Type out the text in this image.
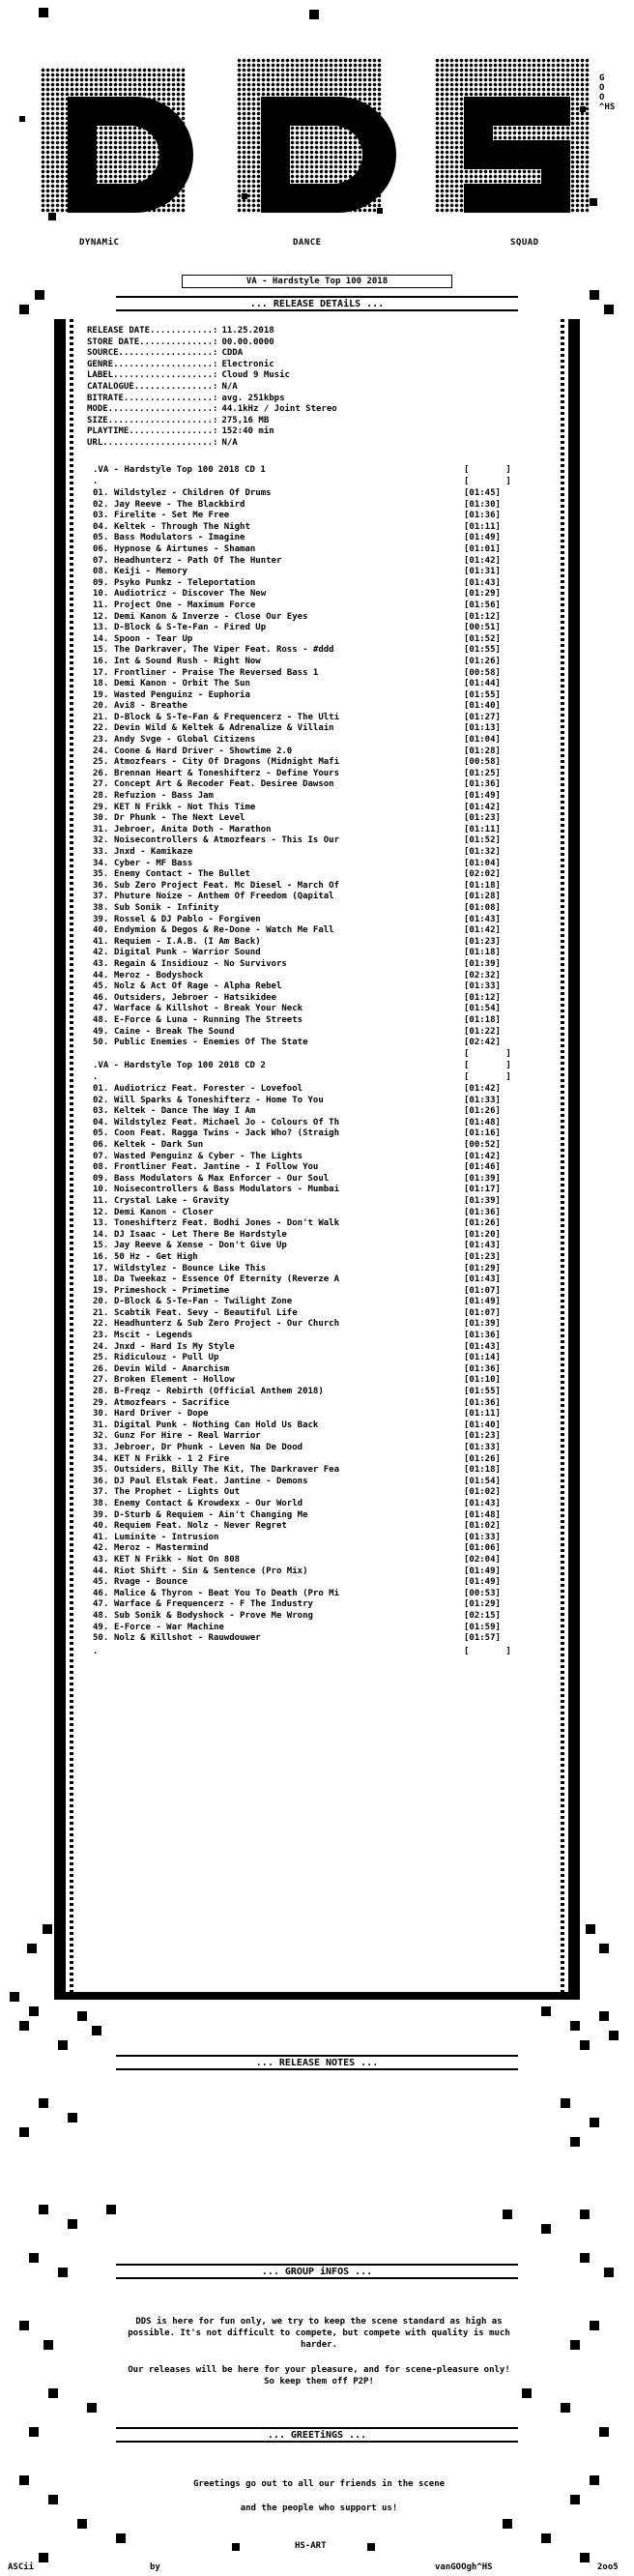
DYNAMiC	DANCE	SQUAD
G
O
O
^HS
VA - Hardstyle Top 100 2018
... RELEASE DETAiLS ...
RELEASE DATE............: 11.25.2018
STORE DATE..............: 00.00.0000
SOURCE..................: CDDA
GENRE...................: Electronic
LABEL...................: Cloud 9 Music
CATALOGUE...............: N/A
BITRATE.................: avg. 251kbps
MODE....................: 44.1kHz / Joint Stereo
SIZE....................: 275,16 MB
PLAYTIME................: 152:40 min
URL.....................: N/A
.VA - Hardstyle Top 100 2018 CD 1	[       ]
.	[       ]
01. Wildstylez - Children Of Drums	[01:45]
02. Jay Reeve - The Blackbird	[01:30]
03. Firelite - Set Me Free	[01:36]
04. Keltek - Through The Night	[01:11]
05. Bass Modulators - Imagine	[01:49]
06. Hypnose & Airtunes - Shaman	[01:01]
07. Headhunterz - Path Of The Hunter	[01:42]
08. Keiji - Memory	[01:31]
09. Psyko Punkz - Teleportation	[01:43]
10. Audiotricz - Discover The New	[01:29]
11. Project One - Maximum Force	[01:56]
12. Demi Kanon & Inverze - Close Our Eyes	[01:12]
13. D-Block & S-Te-Fan - Fired Up	[00:51]
14. Spoon - Tear Up	[01:52]
15. The Darkraver, The Viper Feat. Ross - #ddd	[01:55]
16. Int & Sound Rush - Right Now	[01:26]
17. Frontliner - Praise The Reversed Bass 1	[00:58]
18. Demi Kanon - Orbit The Sun	[01:44]
19. Wasted Penguinz - Euphoria	[01:55]
20. Avi8 - Breathe	[01:40]
21. D-Block & S-Te-Fan & Frequencerz - The Ulti	[01:27]
22. Devin Wild & Keltek & Adrenalize & Villain	[01:13]
23. Andy Svge - Global Citizens	[01:04]
24. Coone & Hard Driver - Showtime 2.0	[01:28]
25. Atmozfears - City Of Dragons (Midnight Mafi	[00:58]
26. Brennan Heart & Toneshifterz - Define Yours	[01:25]
27. Concept Art & Recoder Feat. Desiree Dawson	[01:36]
28. Refuzion - Bass Jam	[01:49]
29. KET N Frikk - Not This Time	[01:42]
30. Dr Phunk - The Next Level	[01:23]
31. Jebroer, Anita Doth - Marathon	[01:11]
32. Noisecontrollers & Atmozfears - This Is Our	[01:52]
33. Jnxd - Kamikaze	[01:32]
34. Cyber - MF Bass	[01:04]
35. Enemy Contact - The Bullet	[02:02]
36. Sub Zero Project Feat. Mc Diesel - March Of	[01:18]
37. Phuture Noize - Anthem Of Freedom (Qapital	[01:28]
38. Sub Sonik - Infinity	[01:08]
39. Rossel & DJ Pablo - Forgiven	[01:43]
40. Endymion & Degos & Re-Done - Watch Me Fall	[01:42]
41. Requiem - I.A.B. (I Am Back)	[01:23]
42. Digital Punk - Warrior Sound	[01:18]
43. Regain & Insidiouz - No Survivors	[01:39]
44. Meroz - Bodyshock	[02:32]
45. Nolz & Act Of Rage - Alpha Rebel	[01:33]
46. Outsiders, Jebroer - Hatsikidee	[01:12]
47. Warface & Killshot - Break Your Neck	[01:54]
48. E-Force & Luna - Running The Streets	[01:18]
49. Caine - Break The Sound	[01:22]
50. Public Enemies - Enemies Of The State	[02:42]
[       ]
.VA - Hardstyle Top 100 2018 CD 2	[       ]
.	[       ]
01. Audiotricz Feat. Forester - Lovefool	[01:42]
02. Will Sparks & Toneshifterz - Home To You	[01:33]
03. Keltek - Dance The Way I Am	[01:26]
04. Wildstylez Feat. Michael Jo - Colours Of Th	[01:48]
05. Coon Feat. Ragga Twins - Jack Who? (Straigh	[01:16]
06. Keltek - Dark Sun	[00:52]
07. Wasted Penguinz & Cyber - The Lights	[01:42]
08. Frontliner Feat. Jantine - I Follow You	[01:46]
09. Bass Modulators & Max Enforcer - Our Soul	[01:39]
10. Noisecontrollers & Bass Modulators - Mumbai	[01:17]
11. Crystal Lake - Gravity	[01:39]
12. Demi Kanon - Closer	[01:36]
13. Toneshifterz Feat. Bodhi Jones - Don't Walk	[01:26]
14. DJ Isaac - Let There Be Hardstyle	[01:20]
15. Jay Reeve & Xense - Don't Give Up	[01:43]
16. 50 Hz - Get High	[01:23]
17. Wildstylez - Bounce Like This	[01:29]
18. Da Tweekaz - Essence Of Eternity (Reverze A	[01:43]
19. Primeshock - Primetime	[01:07]
20. D-Block & S-Te-Fan - Twilight Zone	[01:49]
21. Scabtik Feat. Sevy - Beautiful Life	[01:07]
22. Headhunterz & Sub Zero Project - Our Church	[01:39]
23. Mscit - Legends	[01:36]
24. Jnxd - Hard Is My Style	[01:43]
25. Ridiculouz - Pull Up	[01:14]
26. Devin Wild - Anarchism	[01:36]
27. Broken Element - Hollow	[01:10]
28. B-Freqz - Rebirth (Official Anthem 2018)	[01:55]
29. Atmozfears - Sacrifice	[01:36]
30. Hard Driver - Dope	[01:11]
31. Digital Punk - Nothing Can Hold Us Back	[01:40]
32. Gunz For Hire - Real Warrior	[01:23]
33. Jebroer, Dr Phunk - Leven Na De Dood	[01:33]
34. KET N Frikk - 1 2 Fire	[01:26]
35. Outsiders, Billy The Kit, The Darkraver Fea	[01:18]
36. DJ Paul Elstak Feat. Jantine - Demons	[01:54]
37. The Prophet - Lights Out	[01:02]
38. Enemy Contact & Krowdexx - Our World	[01:43]
39. D-Sturb & Requiem - Ain't Changing Me	[01:48]
40. Requiem Feat. Nolz - Never Regret	[01:02]
41. Luminite - Intrusion	[01:33]
42. Meroz - Mastermind	[01:06]
43. KET N Frikk - Not On 808	[02:04]
44. Riot Shift - Sin & Sentence (Pro Mix)	[01:49]
45. Rvage - Bounce	[01:49]
46. Malice & Thyron - Beat You To Death (Pro Mi	[00:53]
47. Warface & Frequencerz - F The Industry	[01:29]
48. Sub Sonik & Bodyshock - Prove Me Wrong	[02:15]
49. E-Force - War Machine	[01:59]
50. Nolz & Killshot - Rauwdouwer	[01:57]
.	[       ]
... RELEASE NOTES ...
... GROUP iNFOS ...
DDS is here for fun only, we try to keep the scene standard as high as possible. It's not difficult to compete, but compete with quality is much harder.
Our releases will be here for your pleasure, and for scene-pleasure only! So keep them off P2P!
... GREETiNGS ...
Greetings go out to all our friends in the scene
and the people who support us!
HS-ART
ASCii	by	vanGOOgh^HS	2oo5
